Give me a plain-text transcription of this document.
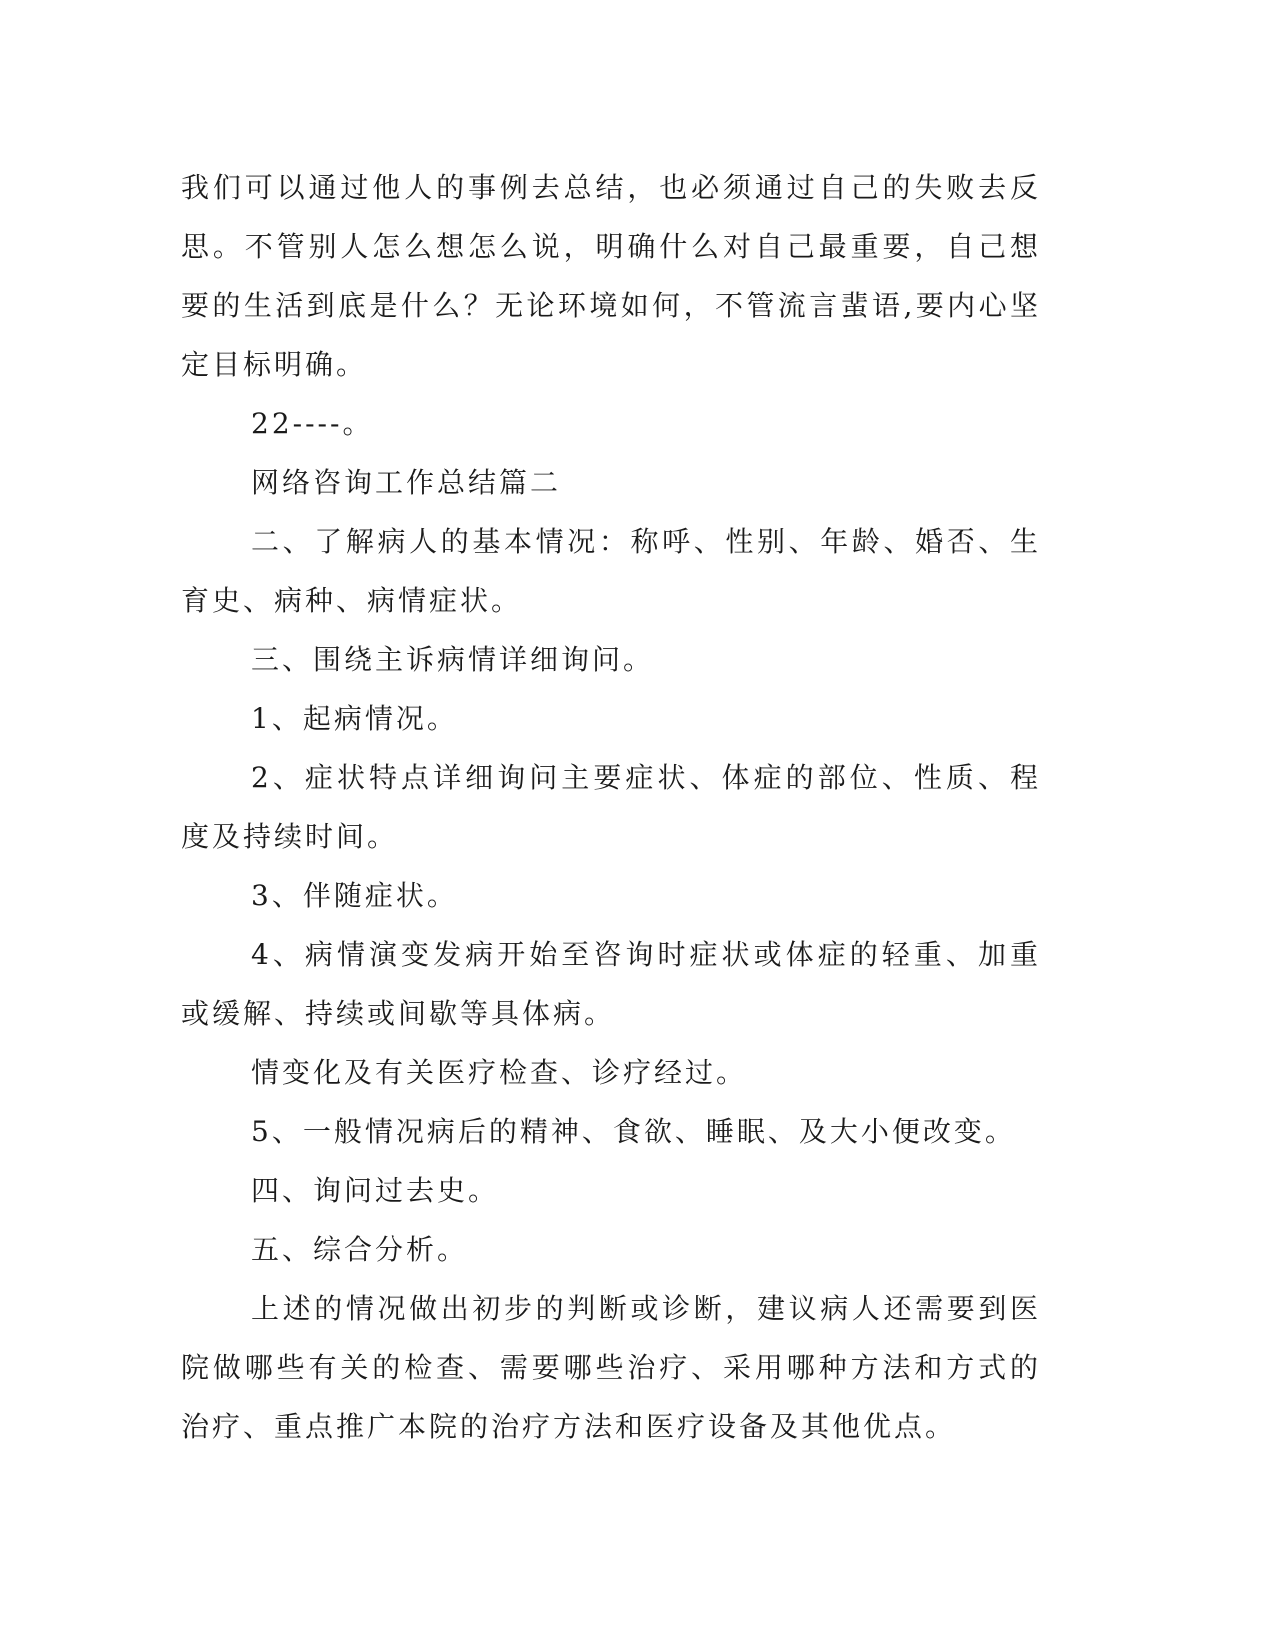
我们可以通过他人的事例去总结，也必须通过自己的失败去反思。不管别人怎么想怎么说，明确什么对自己最重要，自己想要的生活到底是什么？无论环境如何，不管流言蜚语,要内心坚定目标明确。

22----。

网络咨询工作总结篇二

二、了解病人的基本情况：称呼、性别、年龄、婚否、生育史、病种、病情症状。

三、围绕主诉病情详细询问。

1、起病情况。

2、症状特点详细询问主要症状、体症的部位、性质、程度及持续时间。

3、伴随症状。

4、病情演变发病开始至咨询时症状或体症的轻重、加重或缓解、持续或间歇等具体病。

情变化及有关医疗检查、诊疗经过。

5、一般情况病后的精神、食欲、睡眠、及大小便改变。

四、询问过去史。

五、综合分析。

上述的情况做出初步的判断或诊断，建议病人还需要到医院做哪些有关的检查、需要哪些治疗、采用哪种方法和方式的治疗、重点推广本院的治疗方法和医疗设备及其他优点。
